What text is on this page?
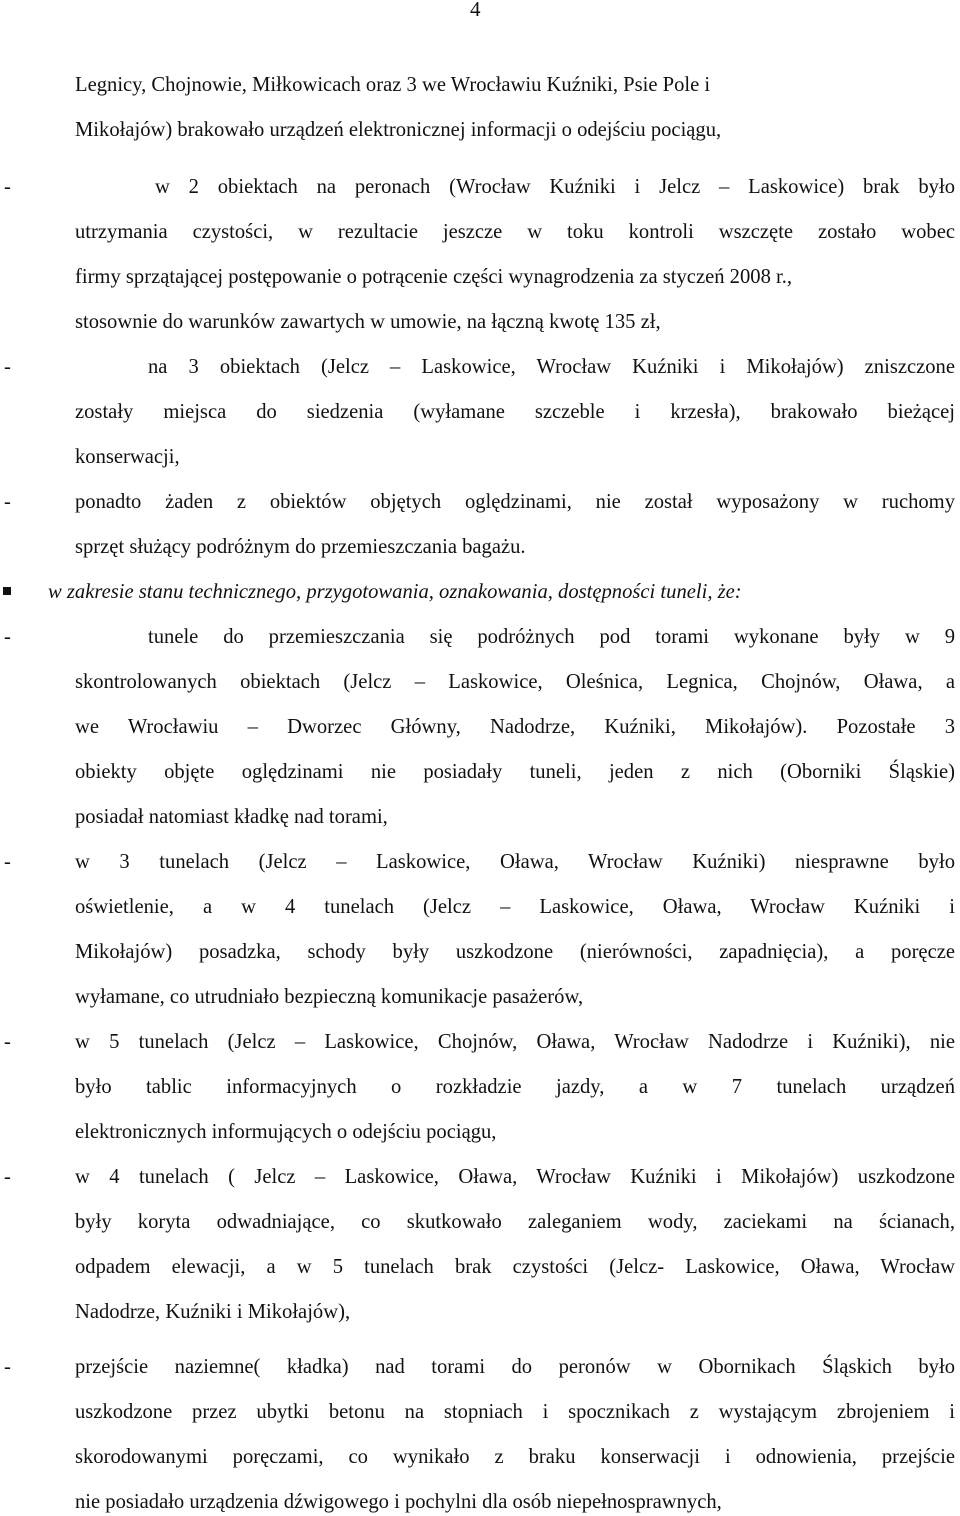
4
Legnicy, Chojnowie, Miłkowicach oraz 3 we Wrocławiu Kuźniki, Psie Pole i
Mikołajów) brakowało urządzeń elektronicznej informacji o odejściu pociągu,
-	w 2 obiektach na peronach (Wrocław Kuźniki i Jelcz – Laskowice) brak było
utrzymania czystości, w rezultacie jeszcze w toku kontroli wszczęte zostało wobec
firmy sprzątającej postępowanie o potrącenie części wynagrodzenia za styczeń 2008 r.,
stosownie do warunków zawartych w umowie, na łączną kwotę 135 zł,
-	na 3 obiektach (Jelcz – Laskowice, Wrocław Kuźniki i Mikołajów) zniszczone
zostały miejsca do siedzenia (wyłamane szczeble i krzesła), brakowało bieżącej
konserwacji,
-	ponadto żaden z obiektów objętych oględzinami, nie został wyposażony w ruchomy
sprzęt służący podróżnym do przemieszczania bagażu.
w zakresie stanu technicznego, przygotowania, oznakowania, dostępności tuneli, że:
-	tunele do przemieszczania się podróżnych pod torami wykonane były w 9
skontrolowanych obiektach (Jelcz – Laskowice, Oleśnica, Legnica, Chojnów, Oława, a
we Wrocławiu – Dworzec Główny, Nadodrze, Kuźniki, Mikołajów). Pozostałe 3
obiekty objęte oględzinami nie posiadały tuneli, jeden z nich (Oborniki Śląskie)
posiadał natomiast kładkę nad torami,
-	w 3 tunelach (Jelcz – Laskowice, Oława, Wrocław Kuźniki) niesprawne było
oświetlenie, a w 4 tunelach (Jelcz – Laskowice, Oława, Wrocław Kuźniki i
Mikołajów) posadzka, schody były uszkodzone (nierówności, zapadnięcia), a poręcze
wyłamane, co utrudniało bezpieczną komunikacje pasażerów,
-	w 5 tunelach (Jelcz – Laskowice, Chojnów, Oława, Wrocław Nadodrze i Kuźniki), nie
było tablic informacyjnych o rozkładzie jazdy, a w 7 tunelach urządzeń
elektronicznych informujących o odejściu pociągu,
-	w 4 tunelach ( Jelcz – Laskowice, Oława, Wrocław Kuźniki i Mikołajów) uszkodzone
były koryta odwadniające, co skutkowało zaleganiem wody, zaciekami na ścianach,
odpadem elewacji, a w 5 tunelach brak czystości (Jelcz- Laskowice, Oława, Wrocław
Nadodrze, Kuźniki i Mikołajów),
-	przejście naziemne( kładka) nad torami do peronów w Obornikach Śląskich było
uszkodzone przez ubytki betonu na stopniach i spocznikach z wystającym zbrojeniem i
skorodowanymi poręczami, co wynikało z braku konserwacji i odnowienia, przejście
nie posiadało urządzenia dźwigowego i pochylni dla osób niepełnosprawnych,
